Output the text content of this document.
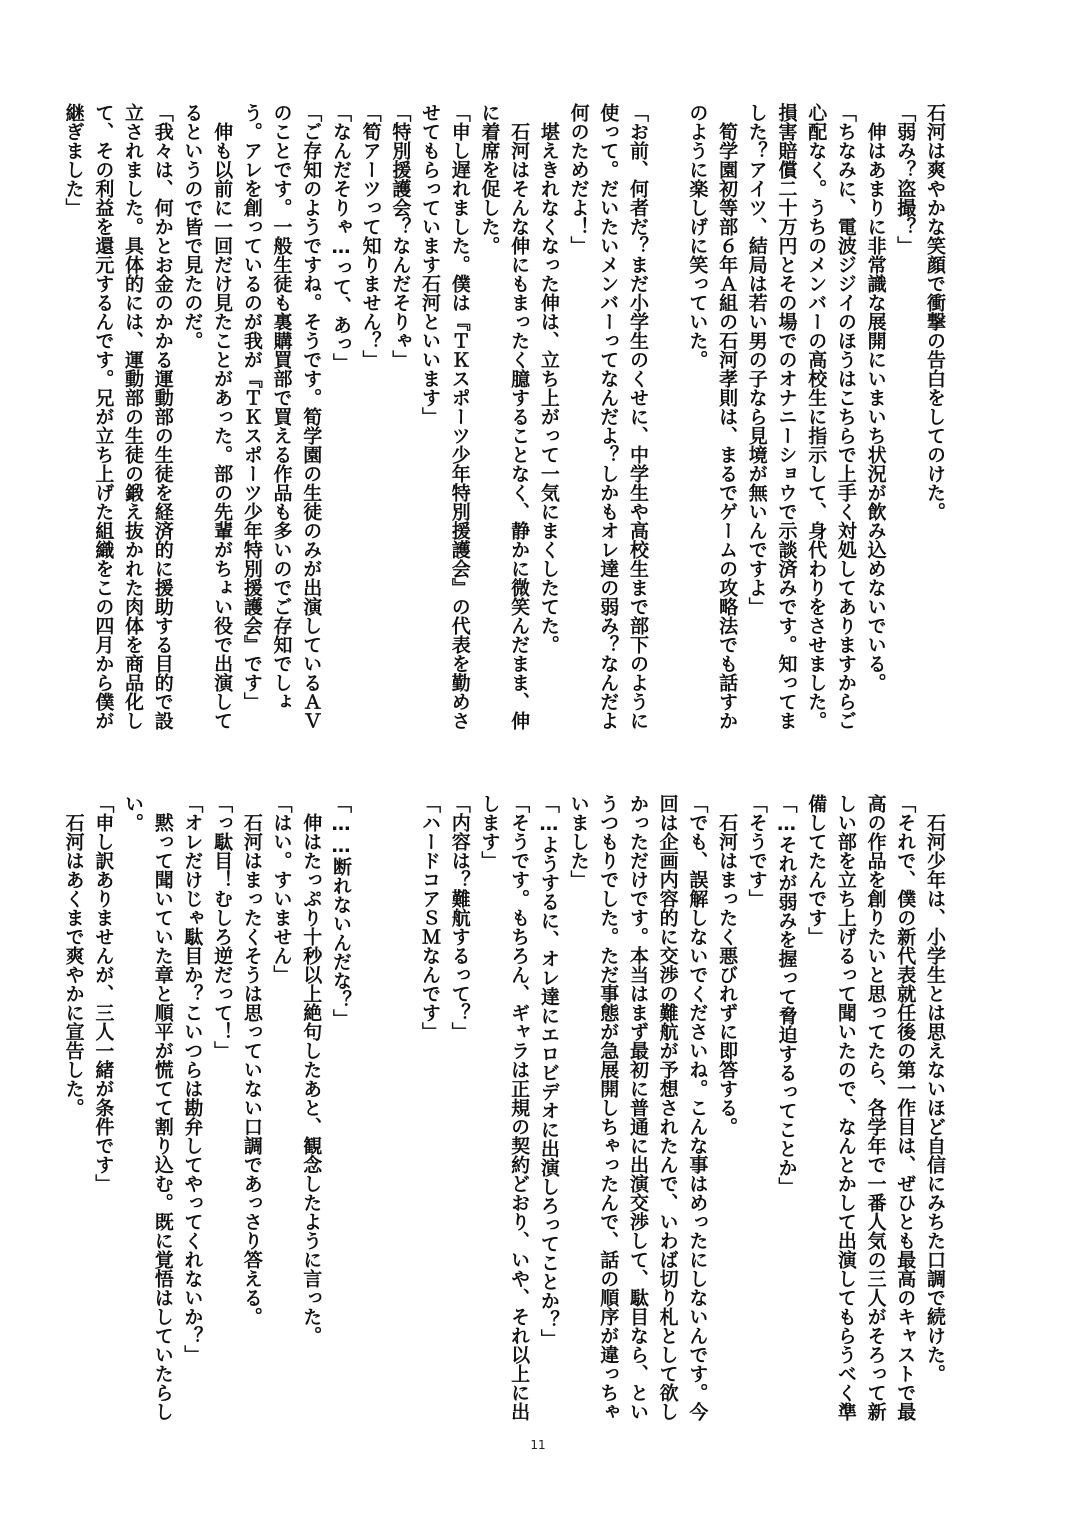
石河は爽やかな笑顔で衝撃の告白をしてのけた。
「弱み？盗撮？」
　伸はあまりに非常識な展開にいまいち状況が飲み込めないでいる。
「ちなみに、電波ジジイのほうはこちらで上手く対処してありますからご
心配なく。うちのメンバーの高校生に指示して、身代わりをさせました。
損害賠償二十万円とその場でのオナニーショウで示談済みです。知ってま
した？アイツ、結局は若い男の子なら見境が無いんですよ」
　筍学園初等部６年Ａ組の石河孝則は、まるでゲームの攻略法でも話すか
のように楽しげに笑っていた。

「お前、何者だ？まだ小学生のくせに、中学生や高校生まで部下のように
使って。だいたいメンバーってなんだよ？しかもオレ達の弱み？なんだよ
何のためだよ！」
　堪えきれなくなった伸は、立ち上がって一気にまくしたてた。
　石河はそんな伸にもまったく臆することなく、静かに微笑んだまま、伸
に着席を促した。
「申し遅れました。僕は『ＴＫスポーツ少年特別援護会』の代表を勤めさ
せてもらっています石河といいます」
「特別援護会？なんだそりゃ」
「筍アーツって知りません？」
「なんだそりゃ…って、あっ」
「ご存知のようですね。そうです。筍学園の生徒のみが出演しているＡＶ
のことです。一般生徒も裏購買部で買える作品も多いのでご存知でしょ
う。アレを創っているのが我が『ＴＫスポーツ少年特別援護会』です」
　伸も以前に一回だけ見たことがあった。部の先輩がちょい役で出演して
るというので皆で見たのだ。
「我々は、何かとお金のかかる運動部の生徒を経済的に援助する目的で設
立されました。具体的には、運動部の生徒の鍛え抜かれた肉体を商品化し
て、その利益を還元するんです。兄が立ち上げた組織をこの四月から僕が
継ぎました」
　石河少年は、小学生とは思えないほど自信にみちた口調で続けた。
「それで、僕の新代表就任後の第一作目は、ぜひとも最高のキャストで最
高の作品を創りたいと思ってたら、各学年で一番人気の三人がそろって新
しい部を立ち上げるって聞いたので、なんとかして出演してもらうべく準
備してたんです」
「…それが弱みを握って脅迫するってことか」
「そうです」
　石河はまったく悪びれずに即答する。
「でも、誤解しないでくださいね。こんな事はめったにしないんです。今
回は企画内容的に交渉の難航が予想されたんで、いわば切り札として欲し
かっただけです。本当はまず最初に普通に出演交渉して、駄目なら、とい
うつもりでした。ただ事態が急展開しちゃったんで、話の順序が違っちゃ
いました」
「…ようするに、オレ達にエロビデオに出演しろってことか？」
「そうです。もちろん、ギャラは正規の契約どおり、いや、それ以上に出
します」
「内容は？難航するって？」
「ハードコアＳＭなんです」

「……断れないんだな？」
　伸はたっぷり十秒以上絶句したあと、観念したように言った。
「はい。すいません」
　石河はまったくそうは思っていない口調であっさり答える。
「っ駄目！むしろ逆だって！」
「オレだけじゃ駄目か？こいつらは勘弁してやってくれないか？」
　黙って聞いていた章と順平が慌てて割り込む。既に覚悟はしていたらし
い。
「申し訳ありませんが、三人一緒が条件です」
　石河はあくまで爽やかに宣告した。
11
